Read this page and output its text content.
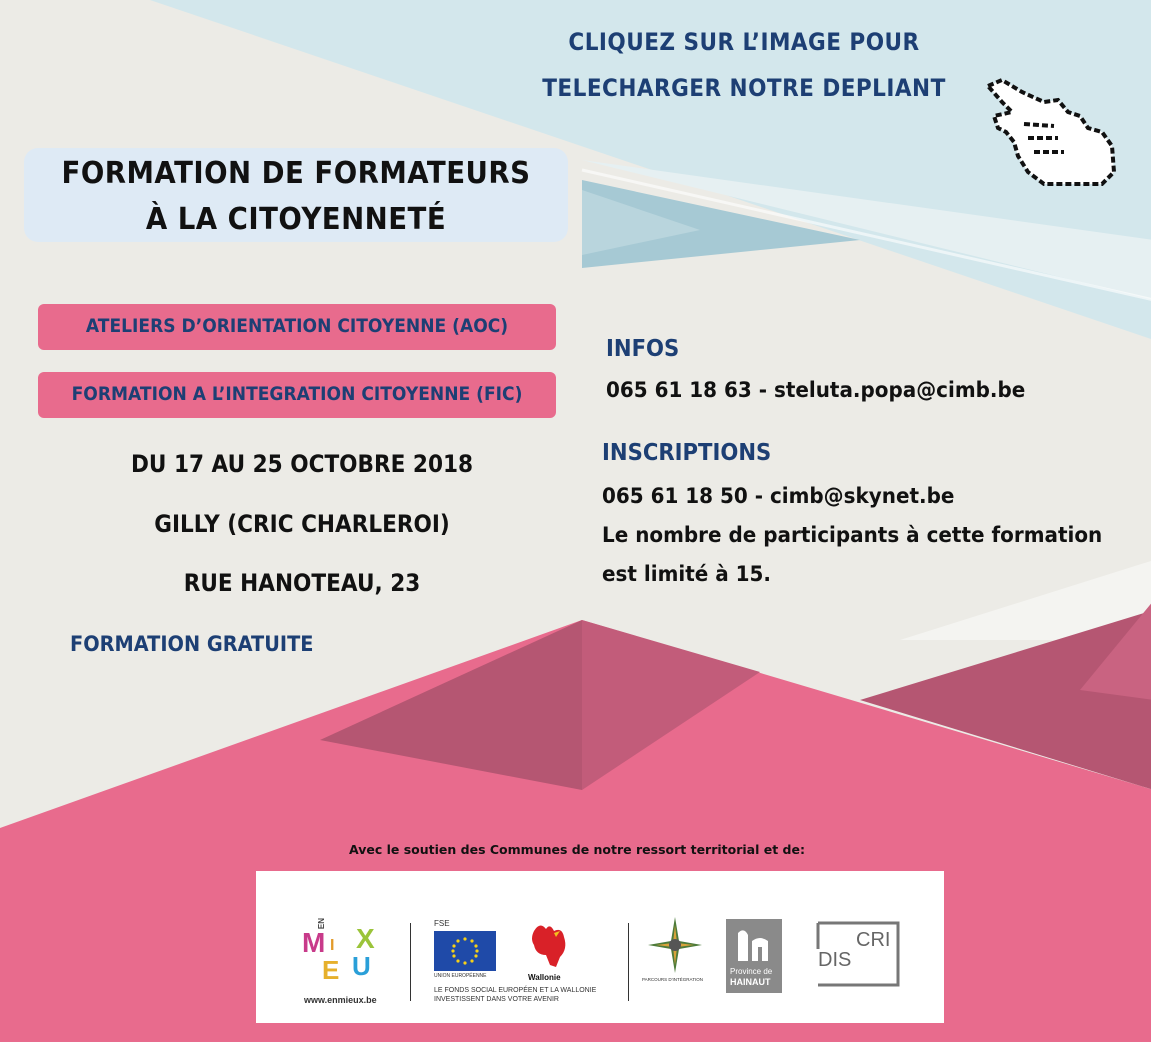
CLIQUEZ SUR L’IMAGE POUR
TELECHARGER NOTRE DEPLIANT
FORMATION DE FORMATEURS
À LA CITOYENNETÉ
ATELIERS D’ORIENTATION CITOYENNE (AOC)
FORMATION A L’INTEGRATION CITOYENNE (FIC)
DU 17 AU 25 OCTOBRE 2018
GILLY (CRIC CHARLEROI)
RUE HANOTEAU, 23
FORMATION GRATUITE
INFOS
065 61 18 63 - steluta.popa@cimb.be
INSCRIPTIONS
065 61 18 50 - cimb@skynet.be
Le nombre de participants à cette formation
est limité à 15.
Avec le soutien des Communes de notre ressort territorial et de:
EN
M I X
E U
www.enmieux.be
FSE
UNION EUROPÉENNE	Wallonie
LE FONDS SOCIAL EUROPÉEN ET LA WALLONIE
INVESTISSENT DANS VOTRE AVENIR
PARCOURS D'INTÉGRATION
Province de
HAINAUT
DIS
CRI
